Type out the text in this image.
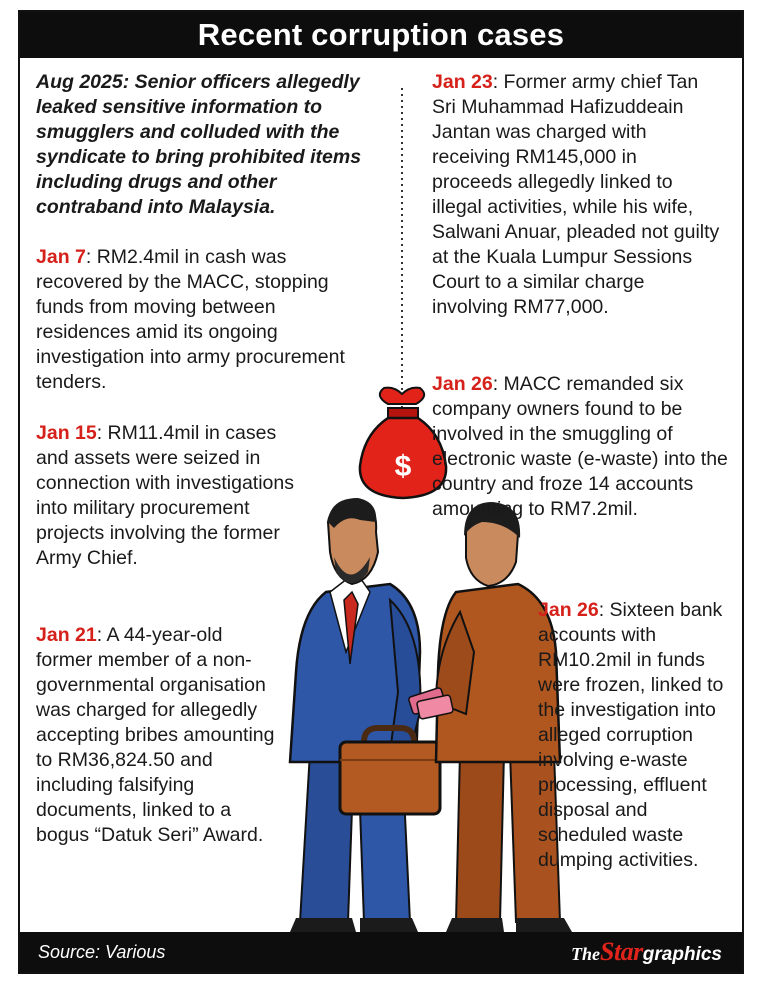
Recent corruption cases
$

Aug 2025: Senior officers allegedly leaked sensitive information to smugglers and colluded with the syndicate to bring prohibited items including drugs and other contraband into Malaysia.

Jan 7: RM2.4mil in cash was recovered by the MACC, stopping funds from moving between residences amid its ongoing investigation into army procurement tenders.

Jan 15: RM11.4mil in cases and assets were seized in connection with investigations into military procurement projects involving the former Army Chief.

Jan 21: A 44-year-old former member of a non-governmental organisation was charged for allegedly accepting bribes amounting to RM36,824.50 and including falsifying documents, linked to a bogus “Datuk Seri” Award.

Jan 23: Former army chief Tan Sri Muhammad Hafizuddeain Jantan was charged with receiving RM145,000 in proceeds allegedly linked to illegal activities, while his wife, Salwani Anuar, pleaded not guilty at the Kuala Lumpur Sessions Court to a similar charge involving RM77,000.

Jan 26: MACC remanded six company owners found to be involved in the smuggling of electronic waste (e-waste) into the country and froze 14 accounts amounting to RM7.2mil.

Jan 26: Sixteen bank accounts with RM10.2mil in funds were frozen, linked to the investigation into alleged corruption involving e-waste processing, effluent disposal and scheduled waste dumping activities.

Source: Various	TheStargraphics
